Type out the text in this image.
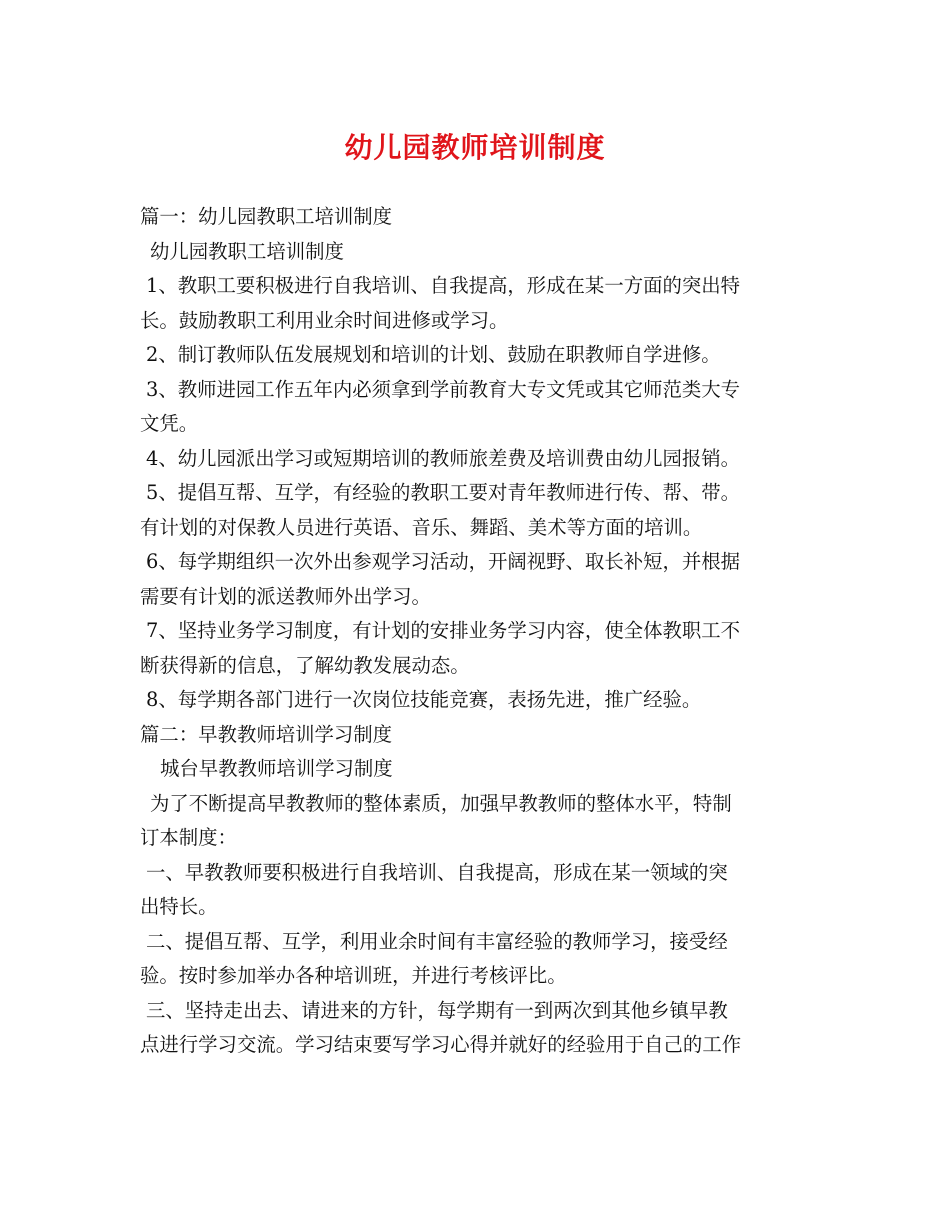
幼儿园教师培训制度
篇一：幼儿园教职工培训制度
幼儿园教职工培训制度
1、教职工要积极进行自我培训、自我提高，形成在某一方面的突出特
长。鼓励教职工利用业余时间进修或学习。
2、制订教师队伍发展规划和培训的计划、鼓励在职教师自学进修。
3、教师进园工作五年内必须拿到学前教育大专文凭或其它师范类大专
文凭。
4、幼儿园派出学习或短期培训的教师旅差费及培训费由幼儿园报销。
5、提倡互帮、互学，有经验的教职工要对青年教师进行传、帮、带。
有计划的对保教人员进行英语、音乐、舞蹈、美术等方面的培训。
6、每学期组织一次外出参观学习活动，开阔视野、取长补短，并根据
需要有计划的派送教师外出学习。
7、坚持业务学习制度，有计划的安排业务学习内容，使全体教职工不
断获得新的信息，了解幼教发展动态。
8、每学期各部门进行一次岗位技能竞赛，表扬先进，推广经验。
篇二：早教教师培训学习制度
城台早教教师培训学习制度
为了不断提高早教教师的整体素质，加强早教教师的整体水平，特制
订本制度：
一、早教教师要积极进行自我培训、自我提高，形成在某一领域的突
出特长。
二、提倡互帮、互学，利用业余时间有丰富经验的教师学习，接受经
验。按时参加举办各种培训班，并进行考核评比。
三、坚持走出去、请进来的方针，每学期有一到两次到其他乡镇早教
点进行学习交流。学习结束要写学习心得并就好的经验用于自己的工作
